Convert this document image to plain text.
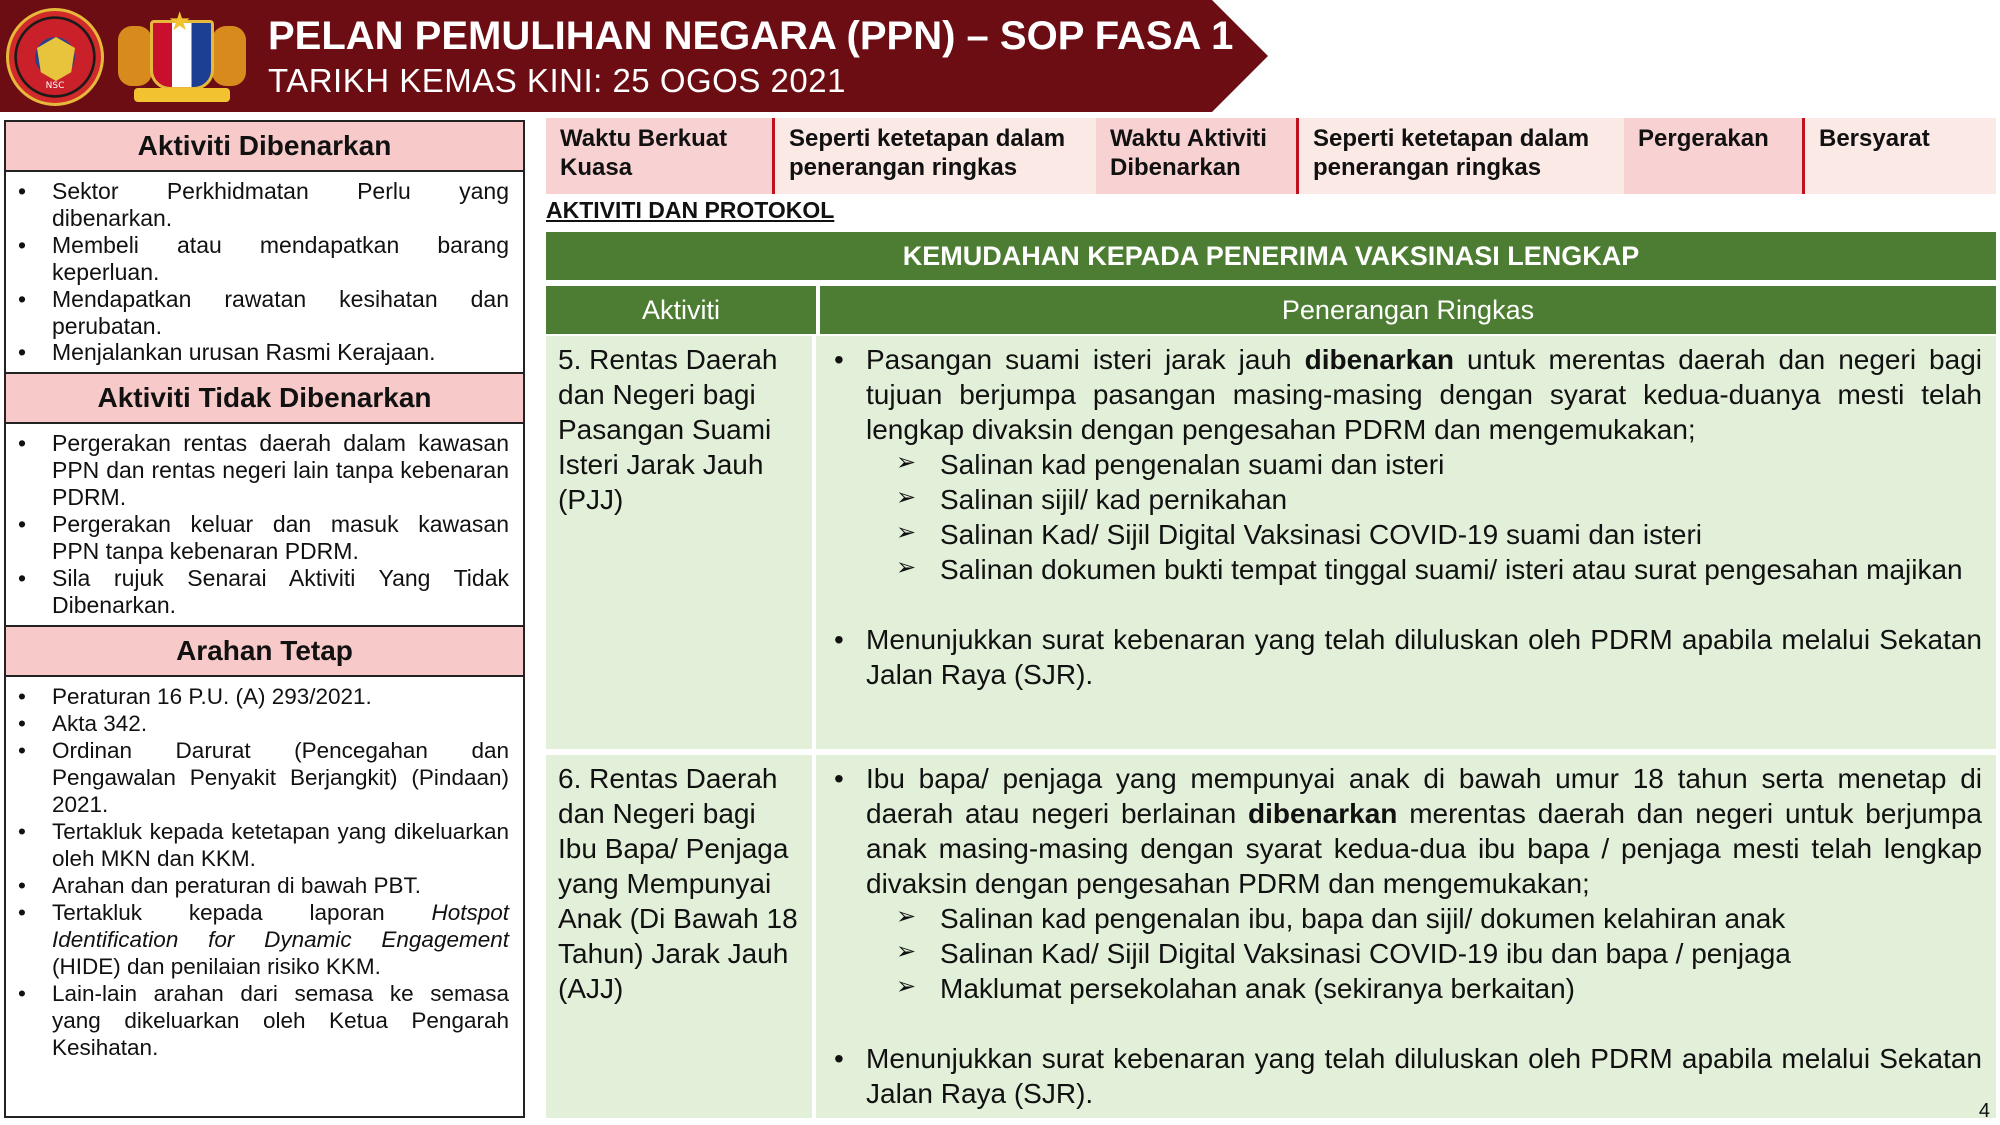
NSC
★ PELAN PEMULIHAN NEGARA (PPN) – SOP FASA 1
TARIKH KEMAS KINI: 25 OGOS 2021
Aktiviti Dibenarkan
• Sektor Perkhidmatan Perlu yang dibenarkan.
• Membeli atau mendapatkan barang keperluan.
• Mendapatkan rawatan kesihatan dan perubatan.
• Menjalankan urusan Rasmi Kerajaan.
Aktiviti Tidak Dibenarkan
• Pergerakan rentas daerah dalam kawasan PPN dan rentas negeri lain tanpa kebenaran PDRM.
• Pergerakan keluar dan masuk kawasan PPN tanpa kebenaran PDRM.
• Sila rujuk Senarai Aktiviti Yang Tidak Dibenarkan.
Arahan Tetap
• Peraturan 16 P.U. (A) 293/2021.
• Akta 342.
• Ordinan Darurat (Pencegahan dan Pengawalan Penyakit Berjangkit) (Pindaan) 2021.
• Tertakluk kepada ketetapan yang dikeluarkan oleh MKN dan KKM.
• Arahan dan peraturan di bawah PBT.
• Tertakluk kepada laporan Hotspot Identification for Dynamic Engagement (HIDE) dan penilaian risiko KKM.
• Lain-lain arahan dari semasa ke semasa yang dikeluarkan oleh Ketua Pengarah Kesihatan.
Waktu Berkuat Kuasa
Seperti ketetapan dalam penerangan ringkas
Waktu Aktiviti Dibenarkan
Seperti ketetapan dalam penerangan ringkas
Pergerakan	Bersyarat
AKTIVITI DAN PROTOKOL
KEMUDAHAN KEPADA PENERIMA VAKSINASI LENGKAP
Aktiviti	Penerangan Ringkas
5. Rentas Daerah dan Negeri bagi Pasangan Suami Isteri Jarak Jauh (PJJ)
• Pasangan suami isteri jarak jauh dibenarkan untuk merentas daerah dan negeri bagi tujuan berjumpa pasangan masing-masing dengan syarat kedua-duanya mesti telah lengkap divaksin dengan pengesahan PDRM dan mengemukakan;
➢ Salinan kad pengenalan suami dan isteri
➢ Salinan sijil/ kad pernikahan
➢ Salinan Kad/ Sijil Digital Vaksinasi COVID-19 suami dan isteri
➢ Salinan dokumen bukti tempat tinggal suami/ isteri atau surat pengesahan majikan
• Menunjukkan surat kebenaran yang telah diluluskan oleh PDRM apabila melalui Sekatan Jalan Raya (SJR).
6. Rentas Daerah dan Negeri bagi Ibu Bapa/ Penjaga yang Mempunyai Anak (Di Bawah 18 Tahun) Jarak Jauh (AJJ)
• Ibu bapa/ penjaga yang mempunyai anak di bawah umur 18 tahun serta menetap di daerah atau negeri berlainan dibenarkan merentas daerah dan negeri untuk berjumpa anak masing-masing dengan syarat kedua-dua ibu bapa / penjaga mesti telah lengkap divaksin dengan pengesahan PDRM dan mengemukakan;
➢ Salinan kad pengenalan ibu, bapa dan sijil/ dokumen kelahiran anak
➢ Salinan Kad/ Sijil Digital Vaksinasi COVID-19 ibu dan bapa / penjaga
➢ Maklumat persekolahan anak (sekiranya berkaitan)
• Menunjukkan surat kebenaran yang telah diluluskan oleh PDRM apabila melalui Sekatan Jalan Raya (SJR).
4
